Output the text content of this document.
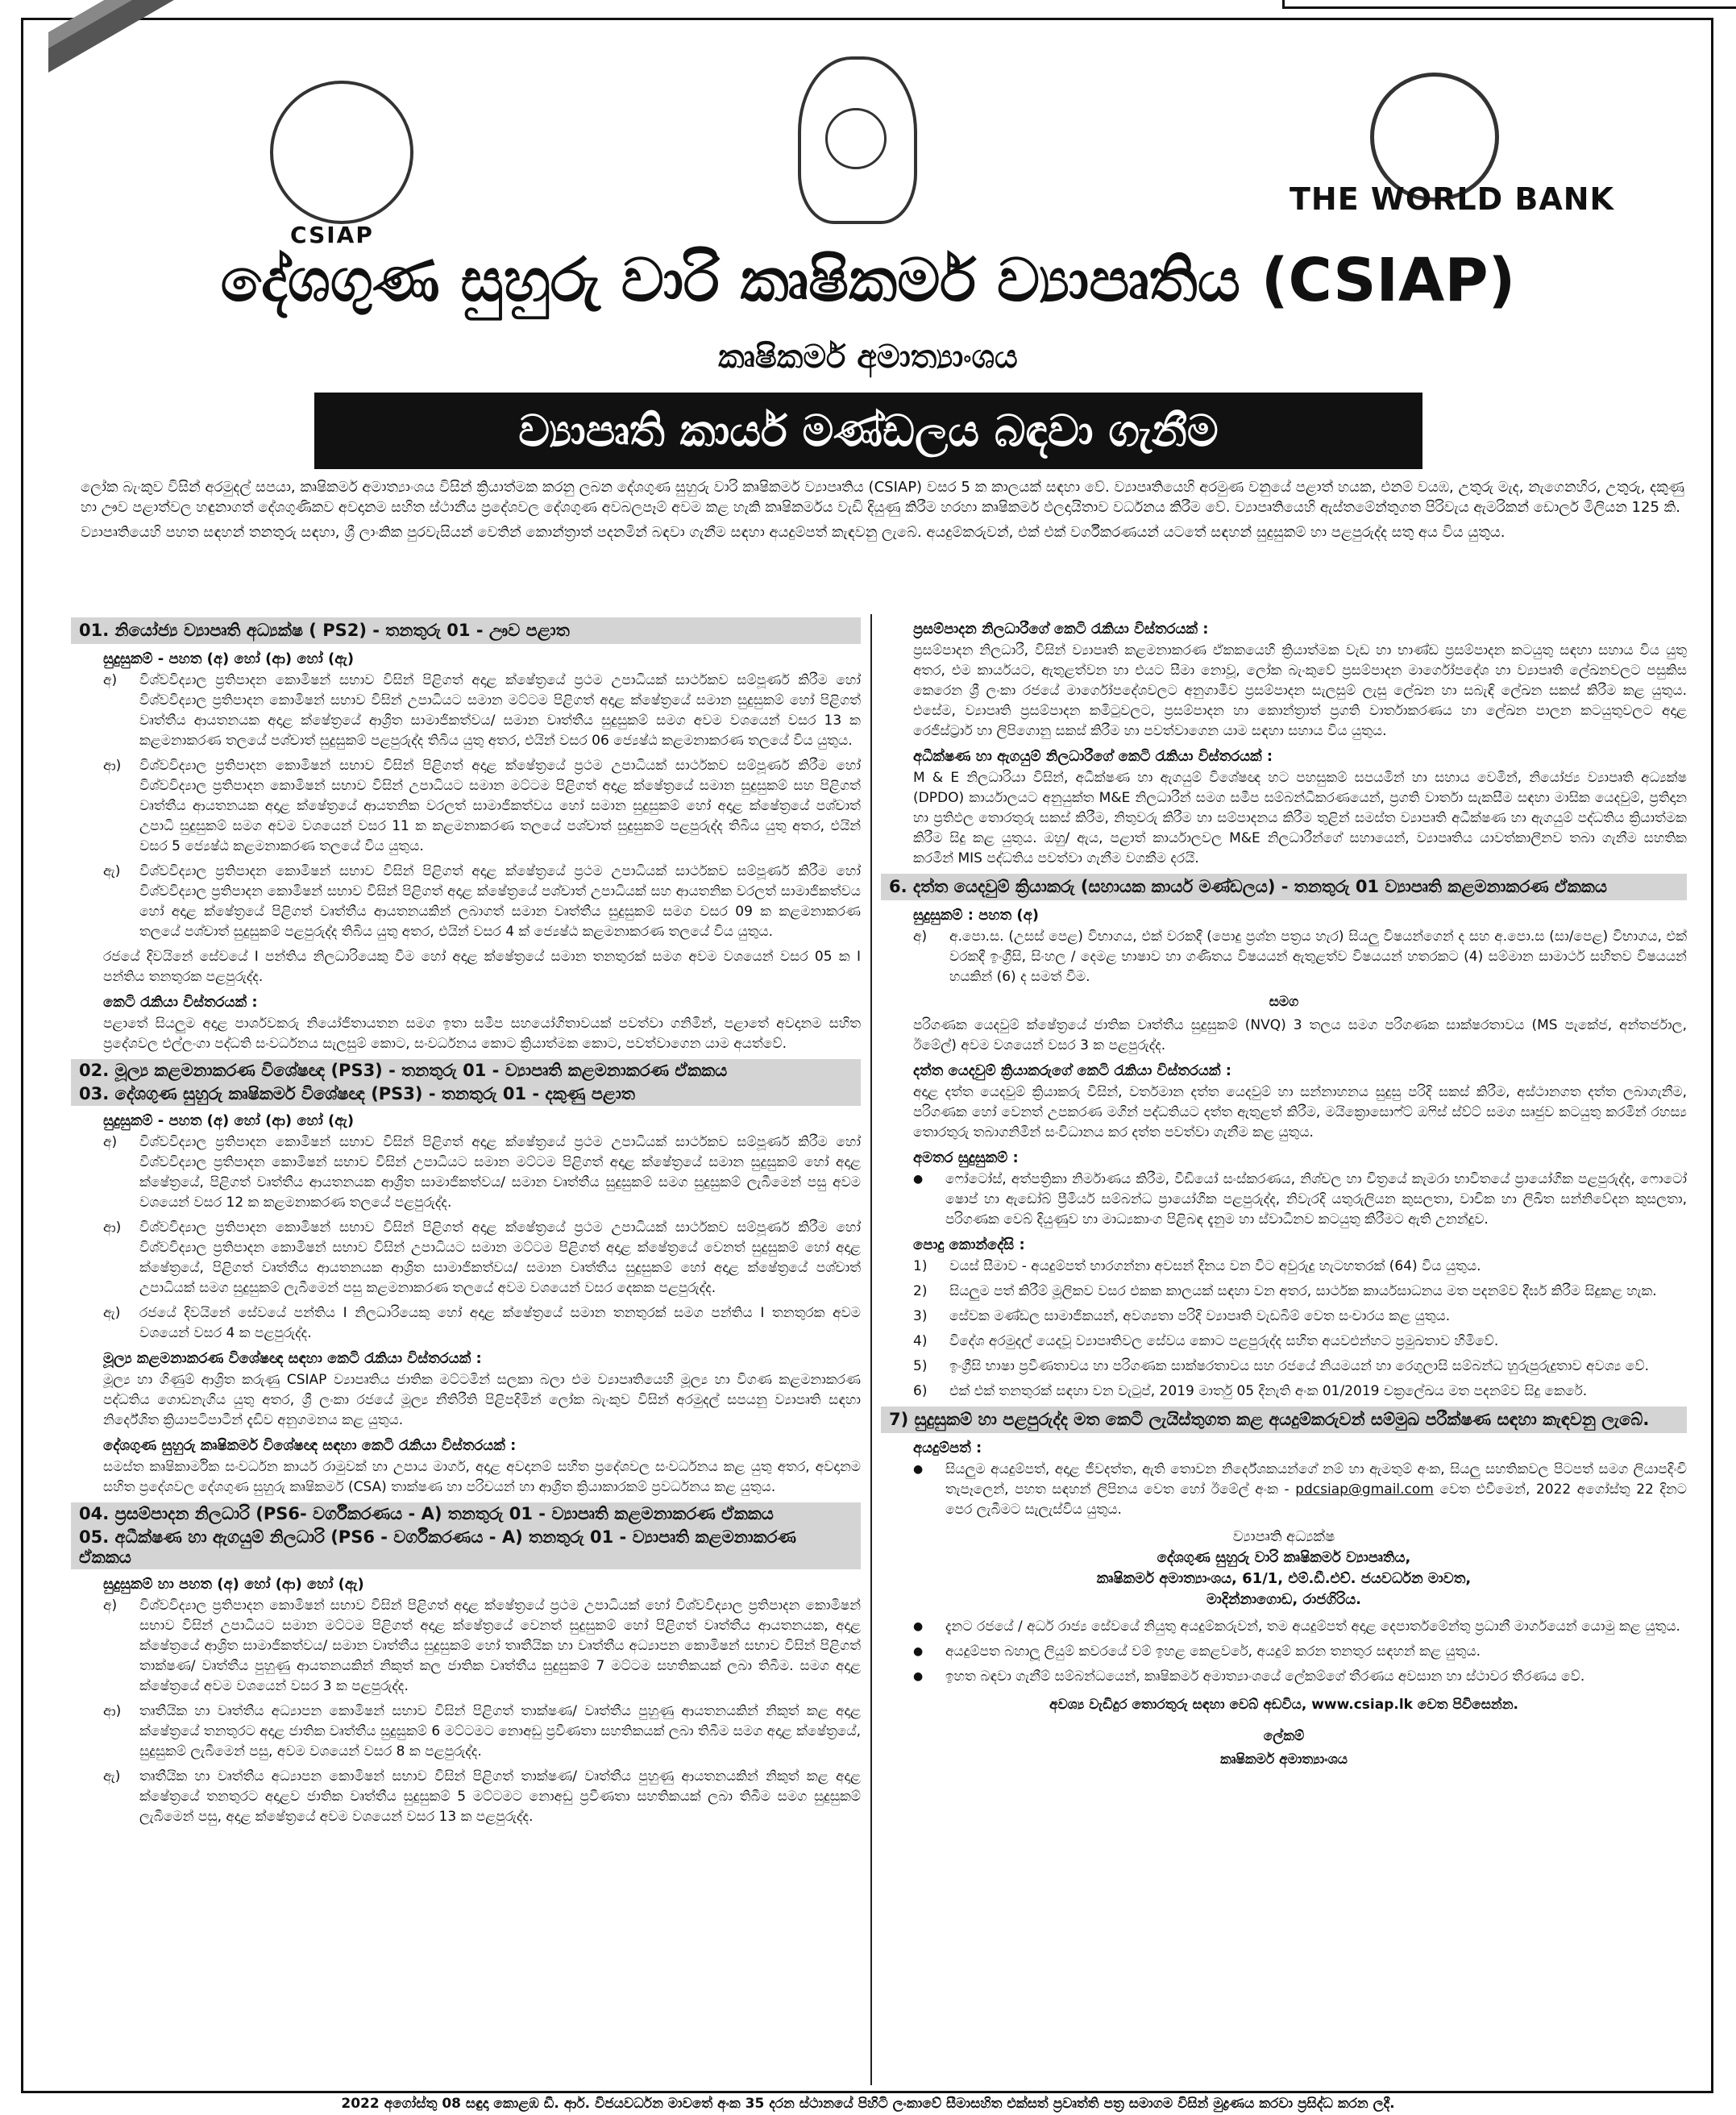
CSIAP
THE WORLD BANK
දේශගුණ සුහුරු වාරි කෘෂිකර්ම ව්‍යාපෘතිය (CSIAP)
කෘෂිකර්ම අමාත්‍යාංශය
ව්‍යාපෘති කාර්ය මණ්ඩලය බඳවා ගැනීම
ලෝක බැංකුව විසින් අරමුදල් සපයා, කෘෂිකර්ම අමාත්‍යාංශය විසින් ක්‍රියාත්මක කරනු ලබන දේශගුණ සුහුරු වාරි කෘෂිකර්ම ව්‍යාපෘතිය (CSIAP) වසර 5 ක කාලයක් සඳහා වේ. ව්‍යාපෘතියෙහි අරමුණ වනුයේ පළාත් හයක, එනම් වයඹ, උතුරු මැද, නැගෙනහිර, උතුරු, දකුණු හා ඌව පළාත්වල හඳුනාගත් දේශගුණිකව අවදානම සහිත ස්ථානීය ප්‍රදේශවල දේශගුණ අවබලපෑම් අවම කළ හැකි කෘෂිකර්මය වැඩි දියුණු කිරීම හරහා කෘෂිකර්ම ඵලදායිතාව වර්ධනය කිරීම වේ. ව්‍යාපෘතියෙහි ඇස්තමේන්තුගත පිරිවැය ඇමරිකන් ඩොලර් මිලියන 125 කි.
ව්‍යාපෘතියෙහි පහත සඳහන් තනතුරු සඳහා, ශ්‍රී ලාංකික පුරවැසියන් වෙතින් කොන්ත්‍රාත් පදනමින් බඳවා ගැනීම සඳහා අයදුම්පත් කැඳවනු ලැබේ. අයදුම්කරුවන්, එක් එක් වර්ගීකරණයන් යටතේ සඳහන් සුදුසුකම් හා පළපුරුද්ද සතු අය විය යුතුය.
01. නියෝජ්‍ය ව්‍යාපෘති අධ්‍යක්ෂ ( PS2) - තනතුරු 01 - ඌව පළාත
සුදුසුකම් - පහත (අ) හෝ (ආ) හෝ (ඇ)
අ)	විශ්වවිද්‍යාල ප්‍රතිපාදන කොමිෂන් සභාව විසින් පිළිගත් අදාළ ක්ෂේත්‍රයේ ප්‍රථම උපාධියක් සාර්ථකව සම්පූර්ණ කිරීම හෝ විශ්වවිද්‍යාල ප්‍රතිපාදන කොමිෂන් සභාව විසින් උපාධියට සමාන මට්ටම පිළිගත් අදාළ ක්ෂේත්‍රයේ සමාන සුදුසුකම් හෝ පිළිගත් වෘත්තීය ආයතනයක අදාළ ක්ෂේත්‍රයේ ආශ්‍රිත සාමාජිකත්වය/ සමාන වෘත්තීය සුදුසුකම් සමග අවම වශයෙන් වසර 13 ක කළමනාකරණ තලයේ පශ්චාත් සුදුසුකම් පළපුරුද්ද තිබිය යුතු අතර, එයින් වසර 06 ජ්‍යෙෂ්ඨ කළමනාකරණ තලයේ විය යුතුය.
ආ)	විශ්වවිද්‍යාල ප්‍රතිපාදන කොමිෂන් සභාව විසින් පිළිගත් අදාළ ක්ෂේත්‍රයේ ප්‍රථම උපාධියක් සාර්ථකව සම්පූර්ණ කිරීම හෝ විශ්වවිද්‍යාල ප්‍රතිපාදන කොමිෂන් සභාව විසින් උපාධියට සමාන මට්ටම පිළිගත් අදාළ ක්ෂේත්‍රයේ සමාන සුදුසුකම් සහ පිළිගත් වෘත්තීය ආයතනයක අදාළ ක්ෂේත්‍රයේ ආයතනික වරලත් සාමාජිකත්වය හෝ සමාන සුදුසුකම් හෝ අදාළ ක්ෂේත්‍රයේ පශ්චාත් උපාධි සුදුසුකම් සමග අවම වශයෙන් වසර 11 ක කළමනාකරණ තලයේ පශ්චාත් සුදුසුකම් පළපුරුද්ද තිබිය යුතු අතර, එයින් වසර 5 ජ්‍යෙෂ්ඨ කළමනාකරණ තලයේ විය යුතුය.
ඇ)	විශ්වවිද්‍යාල ප්‍රතිපාදන කොමිෂන් සභාව විසින් පිළිගත් අදාළ ක්ෂේත්‍රයේ ප්‍රථම උපාධියක් සාර්ථකව සම්පූර්ණ කිරීම හෝ විශ්වවිද්‍යාල ප්‍රතිපාදන කොමිෂන් සභාව විසින් පිළිගත් අදාළ ක්ෂේත්‍රයේ පශ්චාත් උපාධියක් සහ ආයතනික වරලත් සාමාජිකත්වය හෝ අදාළ ක්ෂේත්‍රයේ පිළිගත් වෘත්තීය ආයතනයකින් ලබාගත් සමාන වෘත්තීය සුදුසුකම් සමග වසර 09 ක කළමනාකරණ තලයේ පශ්චාත් සුදුසුකම් පළපුරුද්ද තිබිය යුතු අතර, එයින් වසර 4 ක් ජ්‍යෙෂ්ඨ කළමනාකරණ තලයේ විය යුතුය.
රජයේ දිවයිනේ සේවයේ I පන්තිය නිලධාරියෙකු වීම හෝ අදාළ ක්ෂේත්‍රයේ සමාන තනතුරක් සමග අවම වශයෙන් වසර 05 ක I පන්තිය තනතුරක පළපුරුද්ද.
කෙටි රැකියා විස්තරයක් :
පළාතේ සියලුම අදාළ පාර්ශවකරු නියෝජිතායතන සමග ඉතා සමීප සහයෝගිතාවයක් පවත්වා ගනිමින්, පළාතේ අවදානම සහිත ප්‍රදේශවල එල්ලංගා පද්ධති සංවර්ධනය සැලසුම් කොට, සංවර්ධනය කොට ක්‍රියාත්මක කොට, පවත්වාගෙන යාම අයත්වේ.
02. මූල්‍ය කළමනාකරණ විශේෂඥ (PS3) - තනතුරු 01 - ව්‍යාපෘති කළමනාකරණ ඒකකය
03. දේශගුණ සුහුරු කෘෂිකර්ම විශේෂඥ (PS3) - තනතුරු 01 - දකුණු පළාත
සුදුසුකම් - පහත (අ) හෝ (ආ) හෝ (ඇ)
අ)	විශ්වවිද්‍යාල ප්‍රතිපාදන කොමිෂන් සභාව විසින් පිළිගත් අදාළ ක්ෂේත්‍රයේ ප්‍රථම උපාධියක් සාර්ථකව සම්පූර්ණ කිරීම හෝ විශ්වවිද්‍යාල ප්‍රතිපාදන කොමිෂන් සභාව විසින් උපාධියට සමාන මට්ටම පිළිගත් අදාළ ක්ෂේත්‍රයේ සමාන සුදුසුකම් හෝ අදාළ ක්ෂේත්‍රයේ, පිළිගත් වෘත්තීය ආයතනයක ආශ්‍රිත සාමාජිකත්වය/ සමාන වෘත්තීය සුදුසුකම් සමග සුදුසුකම් ලැබීමෙන් පසු අවම වශයෙන් වසර 12 ක කළමනාකරණ තලයේ පළපුරුද්ද.
ආ)	විශ්වවිද්‍යාල ප්‍රතිපාදන කොමිෂන් සභාව විසින් පිළිගත් අදාළ ක්ෂේත්‍රයේ ප්‍රථම උපාධියක් සාර්ථකව සම්පූර්ණ කිරීම හෝ විශ්වවිද්‍යාල ප්‍රතිපාදන කොමිෂන් සභාව විසින් උපාධියට සමාන මට්ටම පිළිගත් අදාළ ක්ෂේත්‍රයේ වෙනත් සුදුසුකම් හෝ අදාළ ක්ෂේත්‍රයේ, පිළිගත් වෘත්තීය ආයතනයක ආශ්‍රිත සාමාජිකත්වය/ සමාන වෘත්තීය සුදුසුකම් හෝ අදාළ ක්ෂේත්‍රයේ පශ්චාත් උපාධියක් සමග සුදුසුකම් ලැබීමෙන් පසු කළමනාකරණ තලයේ අවම වශයෙන් වසර දෙකක පළපුරුද්ද.
ඇ)	රජයේ දිවයිනේ සේවයේ පන්තිය I නිලධාරියෙකු හෝ අදාළ ක්ෂේත්‍රයේ සමාන තනතුරක් සමග පන්තිය I තනතුරක අවම වශයෙන් වසර 4 ක පළපුරුද්ද.
මූල්‍ය කළමනාකරණ විශේෂඥ සඳහා කෙටි රැකියා විස්තරයක් :
මූල්‍ය හා ගිණුම් ආශ්‍රිත කරුණු CSIAP ව්‍යාපෘතිය ජාතික මට්ටමින් සලකා බලා එම ව්‍යාපෘතියෙහි මූල්‍ය හා විගණ කළමනාකරණ පද්ධතිය ගොඩනැගිය යුතු අතර, ශ්‍රී ලංකා රජයේ මූල්‍ය නීතිරීති පිළිපදිමින් ලෝක බැංකුව විසින් අරමුදල් සපයනු ව්‍යාපෘති සඳහා නිර්දේශිත ක්‍රියාපටිපාටීන් දැඩිව අනුගමනය කළ යුතුය.
දේශගුණ සුහුරු කෘෂිකර්ම විශේෂඥ සඳහා කෙටි රැකියා විස්තරයක් :
සමස්ත කෘෂිකාර්මික සංවර්ධන කාර්ය රාමුවක් හා උපාය මාර්ග, අදාළ අවදානම් සහිත ප්‍රදේශවල සංවර්ධනය කළ යුතු අතර, අවදානම සහිත ප්‍රදේශවල දේශගුණ සුහුරු කෘෂිකර්ම (CSA) තාක්ෂණ හා පරිචයන් හා ආශ්‍රිත ක්‍රියාකාරකම් ප්‍රවර්ධනය කළ යුතුය.
04. ප්‍රසම්පාදන නිලධාරි (PS6- වර්ගීකරණය - A) තනතුරු 01 - ව්‍යාපෘති කළමනාකරණ ඒකකය
05. අධීක්ෂණ හා ඇගයුම් නිලධාරි (PS6 - වර්ගීකරණය - A) තනතුරු 01 - ව්‍යාපෘති කළමනාකරණ ඒකකය
සුදුසුකම් හා පහත (අ) හෝ (ආ) හෝ (ඇ)
අ)	විශ්වවිද්‍යාල ප්‍රතිපාදන කොමිෂන් සභාව විසින් පිළිගත් අදාළ ක්ෂේත්‍රයේ ප්‍රථම උපාධියක් හෝ විශ්වවිද්‍යාල ප්‍රතිපාදන කොමිෂන් සභාව විසින් උපාධියට සමාන මට්ටම පිළිගත් අදාළ ක්ෂේත්‍රයේ වෙනත් සුදුසුකම් හෝ පිළිගත් වෘත්තීය ආයතනයක, අදාළ ක්ෂේත්‍රයේ ආශ්‍රිත සාමාජිකත්වය/ සමාන වෘත්තීය සුදුසුකම් හෝ තෘතීයික හා වෘත්තීය අධ්‍යාපන කොමිෂන් සභාව විසින් පිළිගත් තාක්ෂණ/ වෘත්තීය පුහුණු ආයතනයකින් නිකුත් කල ජාතික වෘත්තීය සුදුසුකම් 7 මට්ටම සහතිකයක් ලබා තිබීම. සමග අදාළ ක්ෂේත්‍රයේ අවම වශයෙන් වසර 3 ක පළපුරුද්ද.
ආ)	තෘතීයික හා වෘත්තීය අධ්‍යාපන කොමිෂන් සභාව විසින් පිළිගත් තාක්ෂණ/ වෘත්තීය පුහුණු ආයතනයකින් නිකුත් කළ අදාළ ක්ෂේත්‍රයේ තනතුරට අදාළ ජාතික වෘත්තීය සුදුසුකම් 6 මට්ටමට නොඅඩු ප්‍රවීණතා සහතිකයක් ලබා තිබීම සමග අදාළ ක්ෂේත්‍රයේ, සුදුසුකම් ලැබීමෙන් පසු, අවම වශයෙන් වසර 8 ක පළපුරුද්ද.
ඇ)	තෘතීයික හා වෘත්තීය අධ්‍යාපන කොමිෂන් සභාව විසින් පිළිගත් තාක්ෂණ/ වෘත්තීය පුහුණු ආයතනයකින් නිකුත් කළ අදාළ ක්ෂේත්‍රයේ තනතුරට අදාළව ජාතික වෘත්තීය සුදුසුකම් 5 මට්ටමට නොඅඩු ප්‍රවීණතා සහතිකයක් ලබා තිබීම සමග සුදුසුකම් ලැබීමෙන් පසු, අදාළ ක්ෂේත්‍රයේ අවම වශයෙන් වසර 13 ක පළපුරුද්ද.
ප්‍රසම්පාදන නිලධාරීගේ කෙටි රැකියා විස්තරයක් :
ප්‍රසම්පාදන නිලධාරී, විසින් ව්‍යාපෘති කළමනාකරණ ඒකකයෙහි ක්‍රියාත්මක වැඩ හා භාණ්ඩ ප්‍රසම්පාදන කටයුතු සඳහා සහාය විය යුතු අතර, එම කාර්යයට, ඇතුළත්වන හා එයට සීමා නොවූ, ලෝක බැංකුවේ ප්‍රසම්පාදන මාර්ගෝපදේශ හා ව්‍යාපෘති ලේඛනවලට පසුකිස කෙරෙන ශ්‍රී ලංකා රජයේ මාර්ගෝපදේශවලට අනුගාමීව ප්‍රසම්පාදන සැලසුම් ලැසු ලේඛන හා සබැඳි ලේඛන සකස් කිරීම කළ යුතුය. එසේම, ව්‍යාපෘති ප්‍රසම්පාදන කමිටුවලට, ප්‍රසම්පාදන හා කොන්ත්‍රාත් ප්‍රගති වාර්තාකරණය හා ලේඛන පාලන කටයුතුවලට අදාළ රෙජිස්ට්‍රාර් හා ලිපිගොනු සකස් කිරීම හා පවත්වාගෙන යාම සඳහා සහාය විය යුතුය.
අධීක්ෂණ හා ඇගයුම් නිලධාරීගේ කෙටි රැකියා විස්තරයක් :
M & E නිලධාරියා විසින්, අධීක්ෂණ හා ඇගයුම් විශේෂඥ හට පහසුකම් සපයමින් හා සහාය වෙමින්, නියෝජ්‍ය ව්‍යාපෘති අධ්‍යක්ෂ (DPDO) කාර්යාලයට අනුයුක්ත M&E නිලධාරීන් සමග සමීප සම්බන්ධීකරණයෙන්, ප්‍රගති වාර්තා සැකසීම සඳහා මාසික යෙදවුම්, ප්‍රතිදාන හා ප්‍රතිඵල තොරතුරු සකස් කිරීම, නිතුවරු කිරීම හා සම්පාදනය කිරීම තුළින් සමස්ත ව්‍යාපෘති අධීක්ෂණ හා ඇගයුම් පද්ධතිය ක්‍රියාත්මක කිරීම සිදු කළ යුතුය. ඔහු/ ඇය, පළාත් කාර්යාලවල M&E නිලධාරීන්ගේ සහායෙන්, ව්‍යාපෘතිය යාවත්කාලීනව තබා ගැනීම සහතික කරමින් MIS පද්ධතිය පවත්වා ගැනීම වගකීම දරයි.
6. දත්ත යෙදවුම් ක්‍රියාකරු (සහායක කාර්ය මණ්ඩලය) - තනතුරු 01 ව්‍යාපෘති කළමනාකරණ ඒකකය
සුදුසුකම් : පහත (අ)
අ)	අ.පො.ස. (උසස් පෙළ) විභාගය, එක් වරකදී (පොදු ප්‍රශ්න පත්‍රය හැර) සියලු විෂයන්ගෙන් ද සහ අ.පො.ස (සා/පෙළ) විභාගය, එක් වරකදී ඉංග්‍රීසි, සිංහල / දෙමළ භාෂාව හා ගණිතය විෂයයන් ඇතුළත්ව විෂයයන් හතරකට (4) සම්මාන සාමාර්ථ සහිතව විෂයයන් හයකින් (6) ද සමත් වීම.
සමග
පරිගණක යෙදවුම් ක්ෂේත්‍රයේ ජාතික වෘත්තීය සුදුසුකම් (NVQ) 3 තලය සමග පරිගණක සාක්ෂරතාවය (MS පැකේජ, අන්තර්ජාල, ඊමේල්) අවම වශයෙන් වසර 3 ක පළපුරුද්ද.
දත්ත යෙදවුම් ක්‍රියාකරුගේ කෙටි රැකියා විස්තරයක් :
අදාළ දත්ත යෙදවුම් ක්‍රියාකරු විසින්, වර්තමාන දත්ත යෙදවුම් හා සන්නාහනය සුදුසු පරිදි සකස් කිරීම, අස්ථානගත දත්ත ලබාගැනීම, පරිගණක හෝ වෙනත් උපකරණ මගින් පද්ධතියට දත්ත ඇතුළත් කිරීම, මයික්‍රොසොෆ්ට් ඔෆිස් ස්ව්ට් සමග සෘජුව කටයුතු කරමින් රහස්‍ය තොරතුරු තබාගනිමින් සංවිධානය කර දත්ත පවත්වා ගැනීම කළ යුතුය.
අමතර සුදුසුකම් :
●	ෆෝටෝස්, අත්පත්‍රිකා නිර්මාණය කිරීම, වීඩියෝ සංස්කරණය, නිශ්චල හා චිත්‍රයේ කැමරා භාවිතයේ ප්‍රායෝගික පළපුරුද්ද, ෆොටෝ ෂොප් හා ඇඩෝබ් ප්‍රීමියර් සම්බන්ධ ප්‍රායෝගික පළපුරුද්ද, නිවැරදි යතුරුලියන කුසලතා, වාචික හා ලිඛිත සන්නිවේදන කුසලතා, පරිගණක වෙබ් දියුණුව හා මාධ්‍යකාංග පිළිබඳ දැනුම හා ස්වාධීනව කටයුතු කිරීමට ඇති උනන්දුව.
පොදු කොන්දේසි :
1)	වයස් සීමාව - අයදුම්පත් භාරගන්නා අවසන් දිනය වන විට අවුරුදු හැටහතරක් (64) විය යුතුය.
2)	සියලුම පත් කිරීම් මූලිකව වසර එකක කාලයක් සඳහා වන අතර, සාර්ථක කාර්යසාධනය මත පදනම්ව දීර්ඝ කිරීම සිදුකළ හැක.
3)	සේවක මණ්ඩල සාමාජිකයන්, අවශ්‍යතා පරිදි ව්‍යාපෘති වැඩබිම් වෙත සංචාරය කළ යුතුය.
4)	විදේශ අරමුදල් යෙදවූ ව්‍යාපෘතිවල සේවය කොට පළපුරුද්ද සහිත අයවළුන්හට ප්‍රමුඛතාව හිමිවේ.
5)	ඉංග්‍රීසි භාෂා ප්‍රවීණතාවය හා පරිගණක සාක්ෂරතාවය සහ රජයේ නියමයන් හා රෙගුලාසි සම්බන්ධ හුරුපුරුදුතාව අවශ්‍ය වේ.
6)	එක් එක් තනතුරක් සඳහා වන වැටුප්, 2019 මාර්තු 05 දිනැති අංක 01/2019 චක්‍රලේඛය මත පදනම්ව සිදු කෙරේ.
7) සුදුසුකම් හා පළපුරුද්ද මත කෙටි ලැයිස්තුගත කළ අයදුම්කරුවන් සම්මුඛ පරීක්ෂණ සඳහා කැඳවනු ලැබේ.
අයදුම්පත් :
●	සියලුම අයදුම්පත්, අදාළ ජීවදත්ත, ඇති තොවන නිර්දේශකයන්ගේ නම් හා ඇමතුම් අංක, සියලු සහතිකවල පිටපත් සමග ලියාපදිංචි තැපෑලෙන්, පහත සඳහන් ලිපිනය වෙත හෝ ඊමේල් අංක - pdcsiap@gmail.com වෙත එවීමෙන්, 2022 අගෝස්තු 22 දිනට පෙර ලැබීමට සැලැස්විය යුතුය.
ව්‍යාපෘති අධ්‍යක්ෂ
දේශගුණ සුහුරු වාරි කෘෂිකර්ම ව්‍යාපෘතිය,
කෘෂිකර්ම අමාත්‍යාංශය, 61/1, එම්.ඩී.එච්. ජයවර්ධන මාවත,
මාදින්නාගොඩ, රාජගිරිය.
●	දැනට රජයේ / අර්ධ රාජ්‍ය සේවයේ නියුතු අයදුම්කරුවන්, තම අයදුම්පත් අදාළ දෙපාර්තමේන්තු ප්‍රධානී මාර්ගයෙන් යොමු කළ යුතුය.
●	අයදුම්පත බහාලූ ලියුම් කවරයේ වම් ඉහළ කෙළවරේ, අයදුම් කරන තනතුර සඳහන් කළ යුතුය.
●	ඉහත බඳවා ගැනීම් සම්බන්ධයෙන්, කෘෂිකර්ම අමාත්‍යාංශයේ ලේකම්ගේ තීරණය අවසාන හා ස්ථාවර තීරණය වේ.
අවශ්‍ය වැඩිදුර තොරතුරු සඳහා වෙබ් අඩවිය, www.csiap.lk වෙත පිවිසෙන්න.
ලේකම්
කෘෂිකර්ම අමාත්‍යාංශය
2022 අගෝස්තු 08 සඳුදා කොළඹ ඩී. ආර්. විජයවර්ධන මාවතේ අංක 35 දරන ස්ථානයේ පිහිටි ලංකාවේ සීමාසහිත එක්සත් ප්‍රවෘත්ති පත්‍ර සමාගම විසින් මුද්‍රණය කරවා ප්‍රසිද්ධ කරන ලදී.
